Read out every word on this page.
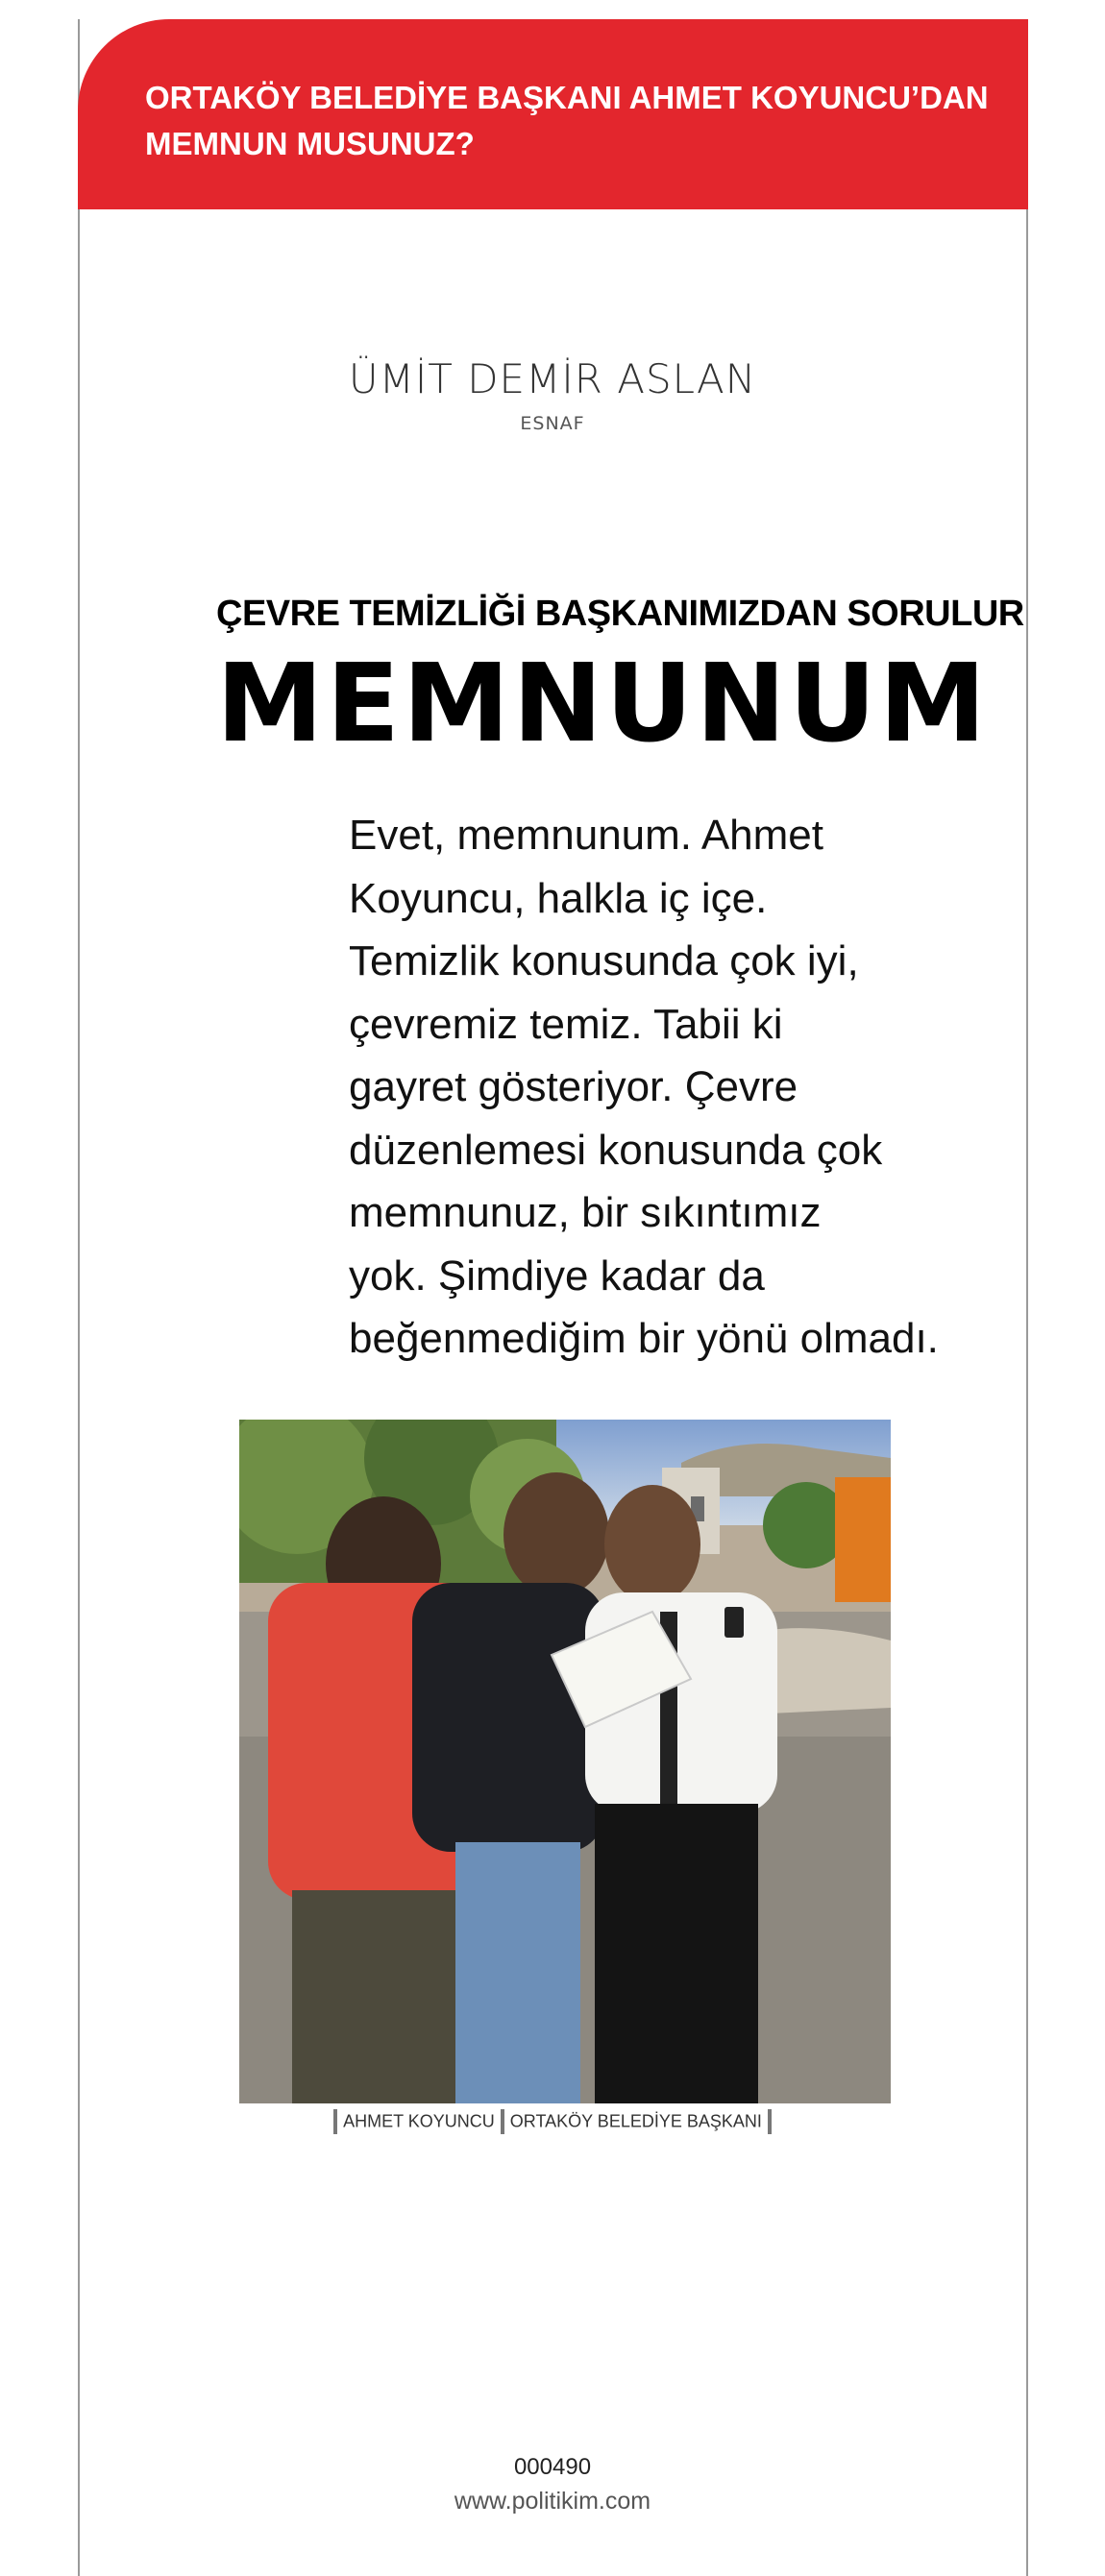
ORTAKÖY BELEDİYE BAŞKANI AHMET KOYUNCU’DAN MEMNUN MUSUNUZ?

ÜMİT DEMİR ASLAN

ESNAF

ÇEVRE TEMİZLİĞİ BAŞKANIMIZDAN SORULUR
MEMNUNUM
Evet, memnunum. Ahmet
Koyuncu, halkla iç içe.
Temizlik konusunda çok iyi,
çevremiz temiz. Tabii ki
gayret gösteriyor. Çevre
düzenlemesi konusunda çok
memnunuz, bir sıkıntımız
yok. Şimdiye kadar da
beğenmediğim bir yönü olmadı.
AHMET KOYUNCU ORTAKÖY BELEDİYE BAŞKANI

000490

www.politikim.com
